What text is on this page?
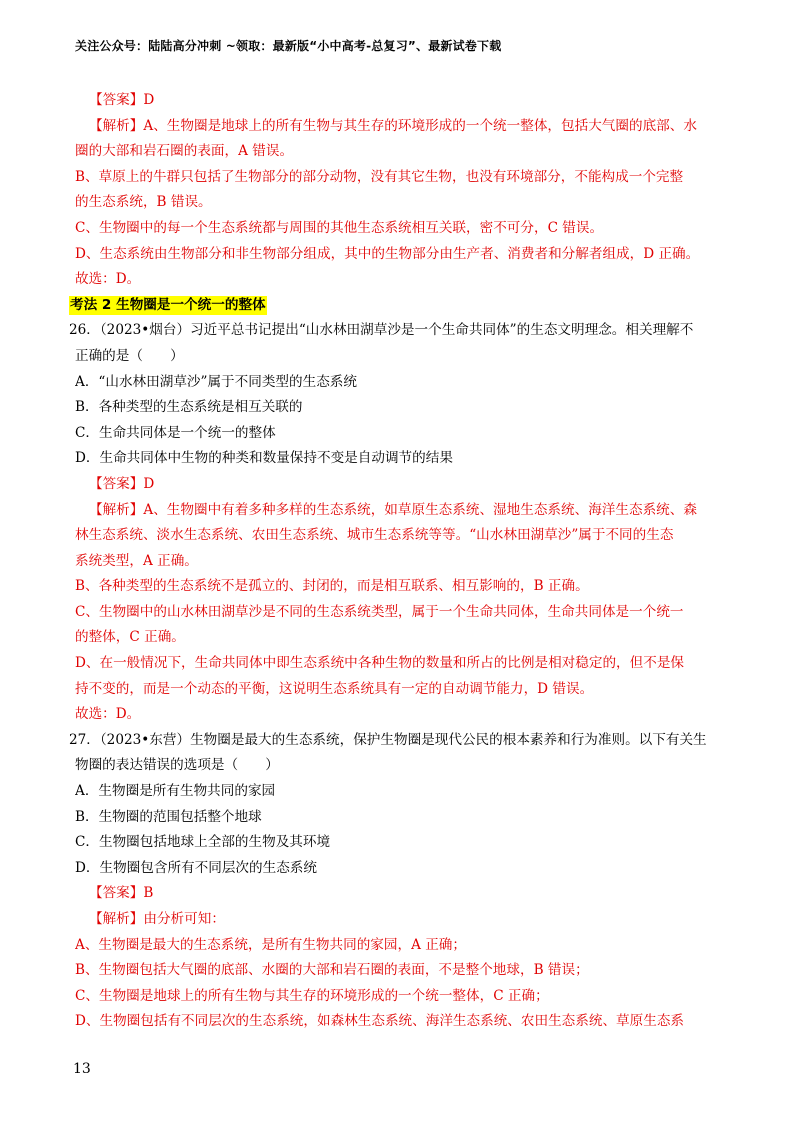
关注公众号：陆陆高分冲刺 ~领取：最新版“小中高考-总复习”、最新试卷下载
【答案】D
【解析】A、生物圈是地球上的所有生物与其生存的环境形成的一个统一整体，包括大气圈的底部、水
圈的大部和岩石圈的表面，A 错误。
B、草原上的牛群只包括了生物部分的部分动物，没有其它生物，也没有环境部分，不能构成一个完整
的生态系统，B 错误。
C、生物圈中的每一个生态系统都与周围的其他生态系统相互关联，密不可分，C 错误。
D、生态系统由生物部分和非生物部分组成，其中的生物部分由生产者、消费者和分解者组成，D 正确。
故选：D。
考法 2 生物圈是一个统一的整体
26．（2023•烟台）习近平总书记提出“山水林田湖草沙是一个生命共同体”的生态文明理念。相关理解不
正确的是（　　）
A．“山水林田湖草沙”属于不同类型的生态系统
B．各种类型的生态系统是相互关联的
C．生命共同体是一个统一的整体
D．生命共同体中生物的种类和数量保持不变是自动调节的结果
【答案】D
【解析】A、生物圈中有着多种多样的生态系统，如草原生态系统、湿地生态系统、海洋生态系统、森
林生态系统、淡水生态系统、农田生态系统、城市生态系统等等。“山水林田湖草沙”属于不同的生态
系统类型，A 正确。
B、各种类型的生态系统不是孤立的、封闭的，而是相互联系、相互影响的，B 正确。
C、生物圈中的山水林田湖草沙是不同的生态系统类型，属于一个生命共同体，生命共同体是一个统一
的整体，C 正确。
D、在一般情况下，生命共同体中即生态系统中各种生物的数量和所占的比例是相对稳定的，但不是保
持不变的，而是一个动态的平衡，这说明生态系统具有一定的自动调节能力，D 错误。
故选：D。
27．（2023•东营）生物圈是最大的生态系统，保护生物圈是现代公民的根本素养和行为准则。以下有关生
物圈的表达错误的选项是（　　）
A．生物圈是所有生物共同的家园
B．生物圈的范围包括整个地球
C．生物圈包括地球上全部的生物及其环境
D．生物圈包含所有不同层次的生态系统
【答案】B
【解析】由分析可知：
A、生物圈是最大的生态系统，是所有生物共同的家园，A 正确；
B、生物圈包括大气圈的底部、水圈的大部和岩石圈的表面，不是整个地球，B 错误；
C、生物圈是地球上的所有生物与其生存的环境形成的一个统一整体，C 正确；
D、生物圈包括有不同层次的生态系统，如森林生态系统、海洋生态系统、农田生态系统、草原生态系
13
